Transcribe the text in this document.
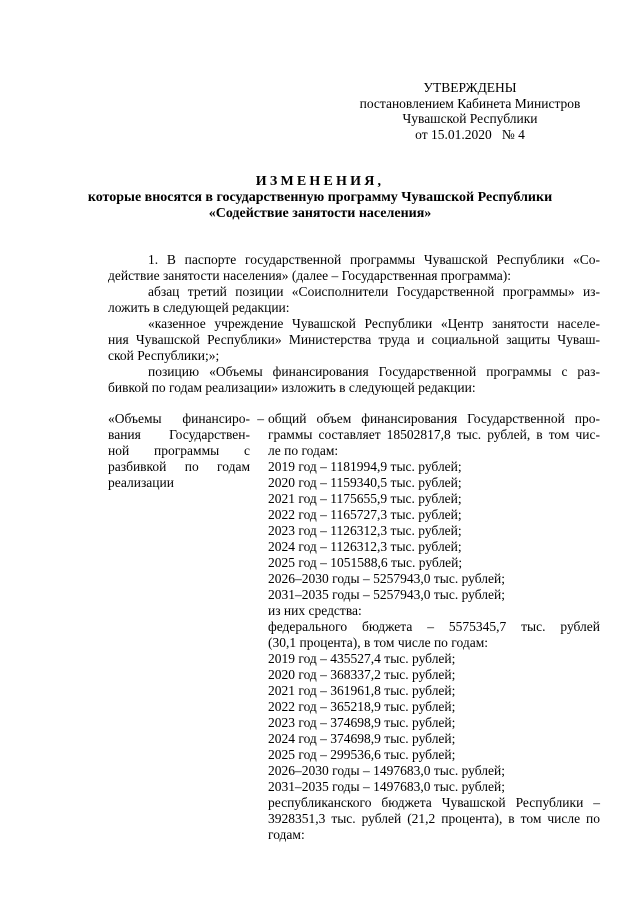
УТВЕРЖДЕНЫ
постановлением Кабинета Министров
Чувашской Республики
от 15.01.2020   № 4
ИЗМЕНЕНИЯ,
которые вносятся в государственную программу Чувашской Республики
«Содействие занятости населения»
1. В паспорте государственной программы Чувашской Республики «Со-
действие занятости населения» (далее – Государственная программа):
абзац третий позиции «Соисполнители Государственной программы» из-
ложить в следующей редакции:
«казенное учреждение Чувашской Республики «Центр занятости населе-
ния Чувашской Республики» Министерства труда и социальной защиты Чуваш-
ской Республики;»;
позицию «Объемы финансирования Государственной программы с раз-
бивкой по годам реализации» изложить в следующей редакции:
«Объемы финансиро-
вания Государствен-
ной программы с
разбивкой по годам
реализации
– общий объем финансирования Государственной про-
граммы составляет 18502817,8 тыс. рублей, в том чис-
ле по годам:
2019 год – 1181994,9 тыс. рублей;
2020 год – 1159340,5 тыс. рублей;
2021 год – 1175655,9 тыс. рублей;
2022 год – 1165727,3 тыс. рублей;
2023 год – 1126312,3 тыс. рублей;
2024 год – 1126312,3 тыс. рублей;
2025 год – 1051588,6 тыс. рублей;
2026–2030 годы – 5257943,0 тыс. рублей;
2031–2035 годы – 5257943,0 тыс. рублей;
из них средства:
федерального бюджета – 5575345,7 тыс. рублей
(30,1 процента), в том числе по годам:
2019 год – 435527,4 тыс. рублей;
2020 год – 368337,2 тыс. рублей;
2021 год – 361961,8 тыс. рублей;
2022 год – 365218,9 тыс. рублей;
2023 год – 374698,9 тыс. рублей;
2024 год – 374698,9 тыс. рублей;
2025 год – 299536,6 тыс. рублей;
2026–2030 годы – 1497683,0 тыс. рублей;
2031–2035 годы – 1497683,0 тыс. рублей;
республиканского бюджета Чувашской Республики –
3928351,3 тыс. рублей (21,2 процента), в том числе по
годам:
